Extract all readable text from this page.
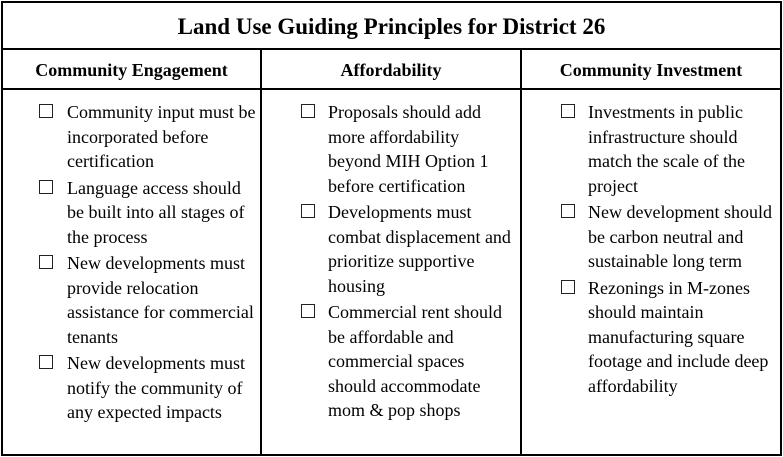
Land Use Guiding Principles for District 26
Community Engagement
Community input must be incorporated before certification
Language access should be built into all stages of the process
New developments must provide relocation assistance for commercial tenants
New developments must notify the community of any expected impacts
Affordability
Proposals should add more affordability beyond MIH Option 1 before certification
Developments must combat displacement and prioritize supportive housing
Commercial rent should be affordable and commercial spaces should accommodate mom & pop shops
Community Investment
Investments in public infrastructure should match the scale of the project
New development should be carbon neutral and sustainable long term
Rezonings in M-zones should maintain manufacturing square footage and include deep affordability
